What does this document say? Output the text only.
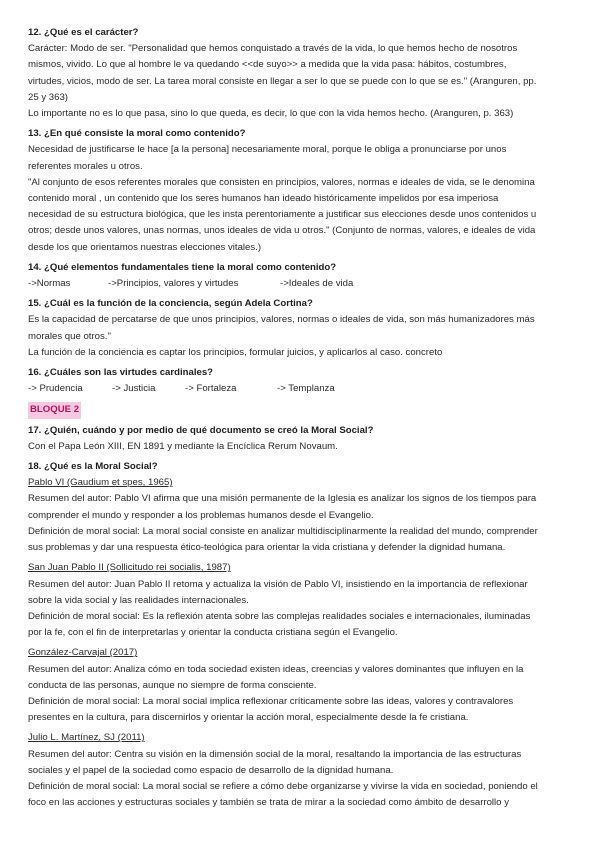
12. ¿Qué es el carácter?

Carácter: Modo de ser. "Personalidad que hemos conquistado a través de la vida, lo que hemos hecho de nosotros

mismos, vivido. Lo que al hombre le va quedando <<de suyo>> a medida que la vida pasa: hábitos, costumbres,

virtudes, vicios, modo de ser. La tarea moral consiste en llegar a ser lo que se puede con lo que se es." (Aranguren, pp.

25 y 363)

Lo importante no es lo que pasa, sino lo que queda, es decir, lo que con la vida hemos hecho. (Aranguren, p. 363)

13. ¿En qué consiste la moral como contenido?

Necesidad de justificarse le hace [a la persona] necesariamente moral, porque le obliga a pronunciarse por unos

referentes morales u otros.

"Al conjunto de esos referentes morales que consisten en principios, valores, normas e ideales de vida, se le denomina

contenido moral , un contenido que los seres humanos han ideado históricamente impelidos por esa imperiosa

necesidad de su estructura biológica, que les insta perentoriamente a justificar sus elecciones desde unos contenidos u

otros; desde unos valores, unas normas, unos ideales de vida u otros." (Conjunto de normas, valores, e ideales de vida

desde los que orientamos nuestras elecciones vitales.)

14. ¿Qué elementos fundamentales tiene la moral como contenido?
->Normas	->Principios, valores y virtudes	->Ideales de vida
15. ¿Cuál es la función de la conciencia, según Adela Cortina?

Es la capacidad de percatarse de que unos principios, valores, normas o ideales de vida, son más humanizadores más

morales que otros."

La función de la conciencia es captar los principios, formular juicios, y aplicarlos al caso. concreto

16. ¿Cuáles son las virtudes cardinales?
-> Prudencia	-> Justicia	-> Fortaleza	-> Templanza
BLOQUE 2
17. ¿Quién, cuándo y por medio de qué documento se creó la Moral Social?

Con el Papa León XIII, EN 1891 y mediante la Encíclica Rerum Novaum.

18. ¿Qué es la Moral Social?
Pablo VI (Gaudium et spes, 1965)

Resumen del autor: Pablo VI afirma que una misión permanente de la Iglesia es analizar los signos de los tiempos para

comprender el mundo y responder a los problemas humanos desde el Evangelio.

Definición de moral social: La moral social consiste en analizar multidisciplinarmente la realidad del mundo, comprender

sus problemas y dar una respuesta ético-teológica para orientar la vida cristiana y defender la dignidad humana.

San Juan Pablo II (Sollicitudo rei socialis, 1987)

Resumen del autor: Juan Pablo II retoma y actualiza la visión de Pablo VI, insistiendo en la importancia de reflexionar

sobre la vida social y las realidades internacionales.

Definición de moral social: Es la reflexión atenta sobre las complejas realidades sociales e internacionales, iluminadas

por la fe, con el fin de interpretarlas y orientar la conducta cristiana según el Evangelio.

González-Carvajal (2017)

Resumen del autor: Analiza cómo en toda sociedad existen ideas, creencias y valores dominantes que influyen en la

conducta de las personas, aunque no siempre de forma consciente.

Definición de moral social: La moral social implica reflexionar críticamente sobre las ideas, valores y contravalores

presentes en la cultura, para discernirlos y orientar la acción moral, especialmente desde la fe cristiana.

Julio L. Martínez, SJ (2011)

Resumen del autor: Centra su visión en la dimensión social de la moral, resaltando la importancia de las estructuras

sociales y el papel de la sociedad como espacio de desarrollo de la dignidad humana.

Definición de moral social: La moral social se refiere a cómo debe organizarse y vivirse la vida en sociedad, poniendo el

foco en las acciones y estructuras sociales y también se trata de mirar a la sociedad como ámbito de desarrollo y
